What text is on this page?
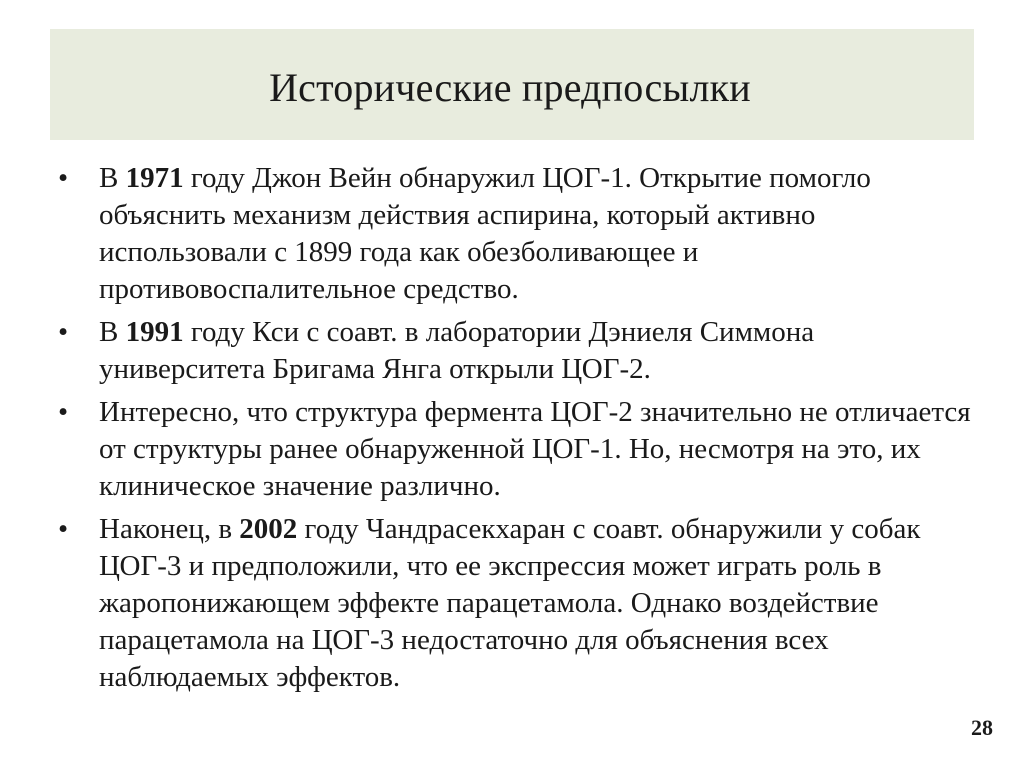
Исторические предпосылки
•	В 1971 году Джон Вейн обнаружил ЦОГ-1. Открытие помогло объяснить механизм действия аспирина, который активно использовали с 1899 года как обезболивающее и противовоспалительное средство.
•	В 1991 году Кси с соавт. в лаборатории Дэниеля Симмона университета Бригама Янга открыли ЦОГ-2.
•	Интересно, что структура фермента ЦОГ-2 значительно не отличается от структуры ранее обнаруженной ЦОГ-1. Но, несмотря на это, их клиническое значение различно.
•	Наконец, в 2002 году Чандрасекхаран с соавт. обнаружили у собак ЦОГ-3 и предположили, что ее экспрессия может играть роль в жаропонижающем эффекте парацетамола. Однако воздействие парацетамола на ЦОГ-3 недостаточно для объяснения всех наблюдаемых эффектов.
28
